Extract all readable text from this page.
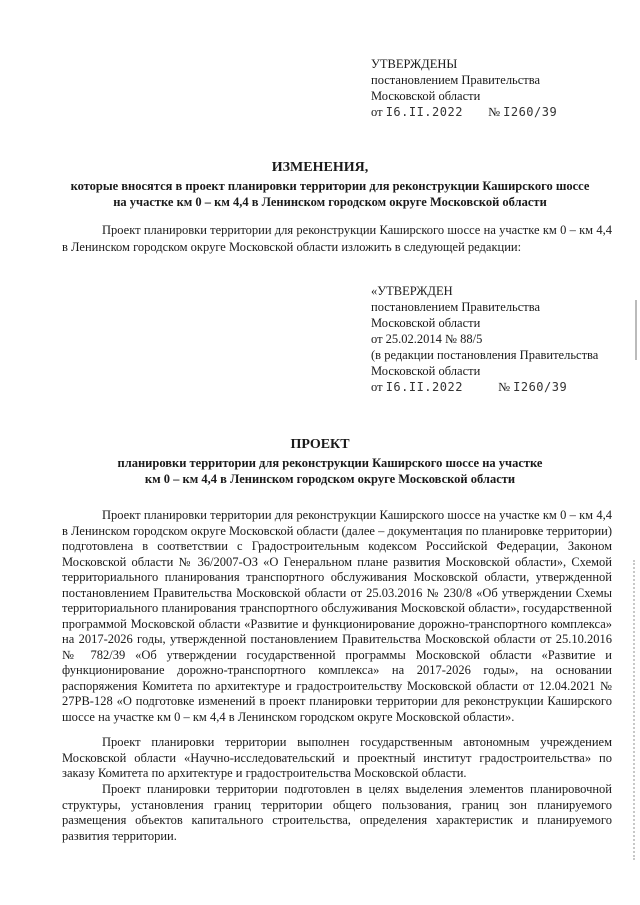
УТВЕРЖДЕНЫ
постановлением Правительства
Московской области
от I6.II.2022 № I260/39
ИЗМЕНЕНИЯ,
которые вносятся в проект планировки территории для реконструкции Каширского шоссе
на участке км 0 – км 4,4 в Ленинском городском округе Московской области
Проект планировки территории для реконструкции Каширского шоссе на участке км 0 – км 4,4 в Ленинском городском округе Московской области изложить в следующей редакции:
«УТВЕРЖДЕН
постановлением Правительства
Московской области
от 25.02.2014 № 88/5
(в редакции постановления Правительства
Московской области
от I6.II.2022	№ I260/39
ПРОЕКТ
планировки территории для реконструкции Каширского шоссе на участке
км 0 – км 4,4 в Ленинском городском округе Московской области
Проект планировки территории для реконструкции Каширского шоссе на участке км 0 – км 4,4 в Ленинском городском округе Московской области (далее – документация по планировке территории) подготовлена в соответствии с Градостроительным кодексом Российской Федерации, Законом Московской области № 36/2007-ОЗ «О Генеральном плане развития Московской области», Схемой территориального планирования транспортного обслуживания Московской области, утвержденной постановлением Правительства Московской области от 25.03.2016 № 230/8 «Об утверждении Схемы территориального планирования транспортного обслуживания Московской области», государственной программой Московской области «Развитие и функционирование дорожно-транспортного комплекса» на 2017-2026 годы, утвержденной постановлением Правительства Московской области от 25.10.2016 № 782/39 «Об утверждении государственной программы Московской области «Развитие и функционирование дорожно-транспортного комплекса» на 2017-2026 годы», на основании распоряжения Комитета по архитектуре и градостроительству Московской области от 12.04.2021 № 27РВ-128 «О подготовке изменений в проект планировки территории для реконструкции Каширского шоссе на участке км 0 – км 4,4 в Ленинском городском округе Московской области».
Проект планировки территории выполнен государственным автономным учреждением Московской области «Научно-исследовательский и проектный институт градостроительства» по заказу Комитета по архитектуре и градостроительства Московской области.
Проект планировки территории подготовлен в целях выделения элементов планировочной структуры, установления границ территории общего пользования, границ зон планируемого размещения объектов капитального строительства, определения характеристик и планируемого развития территории.
